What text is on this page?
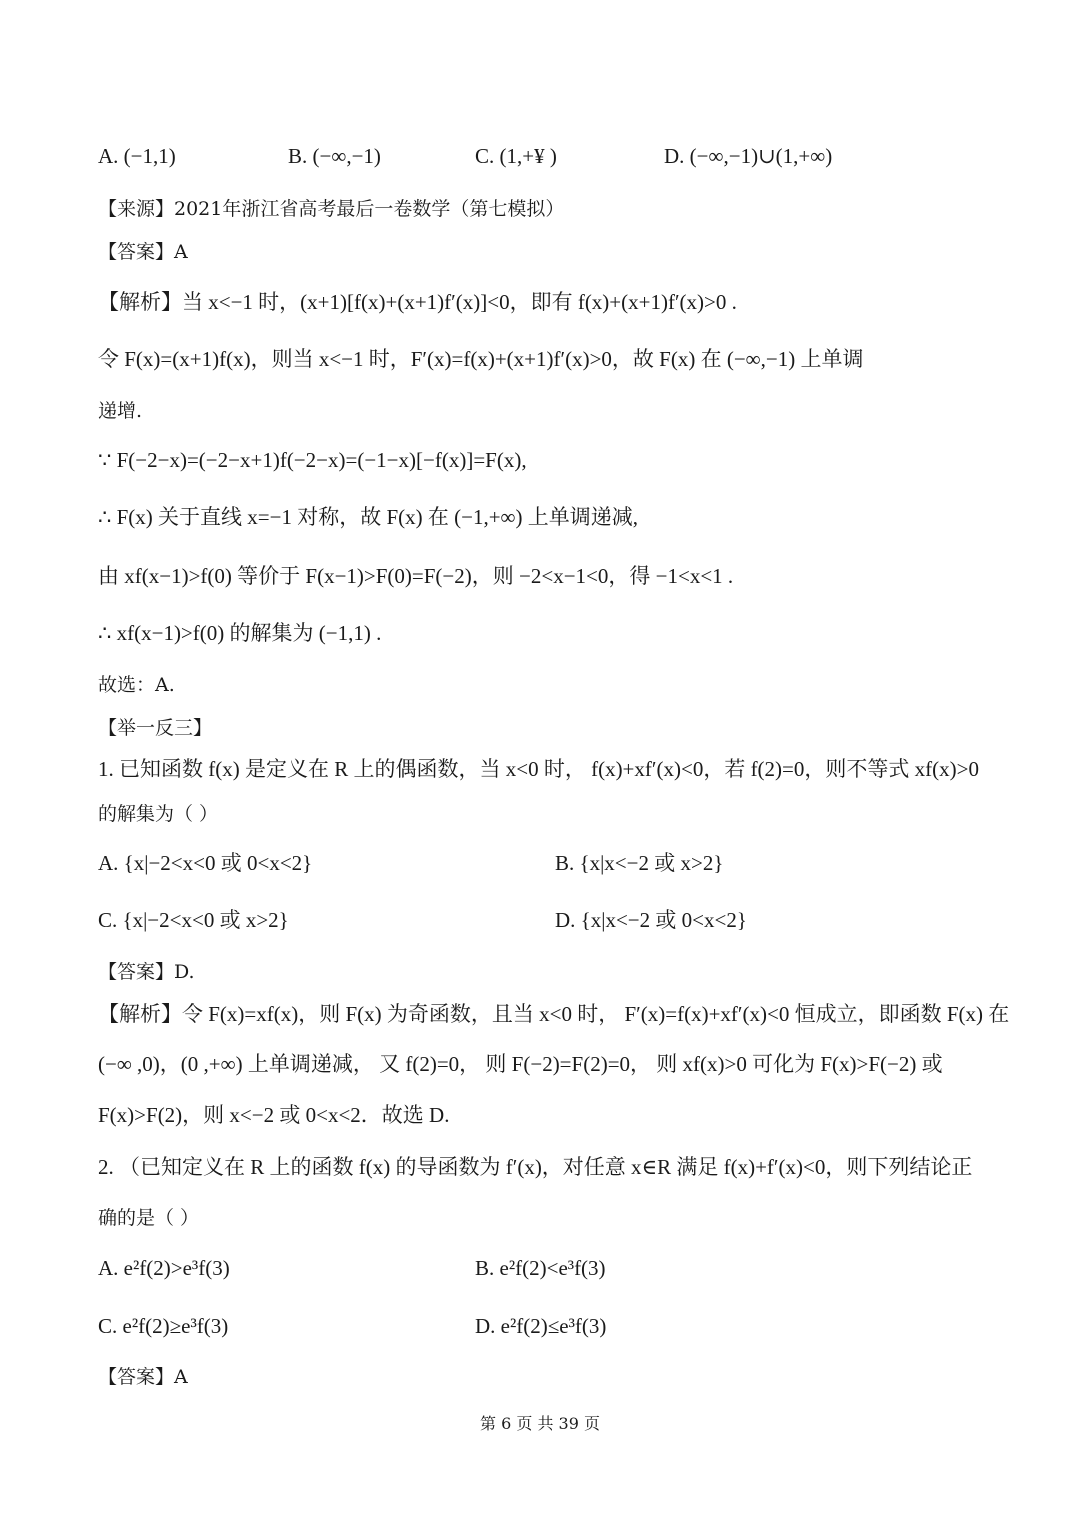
A. (−1,1)	B. (−∞,−1)	C. (1,+¥ )	D. (−∞,−1)∪(1,+∞)
【来源】2021年浙江省高考最后一卷数学（第七模拟）
【答案】A
【解析】当 x<−1 时，(x+1)[f(x)+(x+1)f′(x)]<0，即有 f(x)+(x+1)f′(x)>0 .
令 F(x)=(x+1)f(x)，则当 x<−1 时，F′(x)=f(x)+(x+1)f′(x)>0，故 F(x) 在 (−∞,−1) 上单调
递增.
∵ F(−2−x)=(−2−x+1)f(−2−x)=(−1−x)[−f(x)]=F(x),
∴ F(x) 关于直线 x=−1 对称，故 F(x) 在 (−1,+∞) 上单调递减,
由 xf(x−1)>f(0) 等价于 F(x−1)>F(0)=F(−2)，则 −2<x−1<0，得 −1<x<1 .
∴ xf(x−1)>f(0) 的解集为 (−1,1) .
故选：A.
【举一反三】
1. 已知函数 f(x) 是定义在 R 上的偶函数，当 x<0 时， f(x)+xf′(x)<0，若 f(2)=0，则不等式 xf(x)>0
的解集为（ ）
A. {x|−2<x<0 或 0<x<2}	B. {x|x<−2 或 x>2}
C. {x|−2<x<0 或 x>2}	D. {x|x<−2 或 0<x<2}
【答案】D.
【解析】令 F(x)=xf(x)，则 F(x) 为奇函数，且当 x<0 时， F′(x)=f(x)+xf′(x)<0 恒成立，即函数 F(x) 在
(−∞ ,0)，(0 ,+∞) 上单调递减， 又 f(2)=0， 则 F(−2)=F(2)=0， 则 xf(x)>0 可化为 F(x)>F(−2) 或
F(x)>F(2)，则 x<−2 或 0<x<2．故选 D.
2. （已知定义在 R 上的函数 f(x) 的导函数为 f′(x)，对任意 x∈R 满足 f(x)+f′(x)<0，则下列结论正
确的是（ ）
A. e²f(2)>e³f(3)	B. e²f(2)<e³f(3)
C. e²f(2)≥e³f(3)	D. e²f(2)≤e³f(3)
【答案】A
第 6 页 共 39 页
